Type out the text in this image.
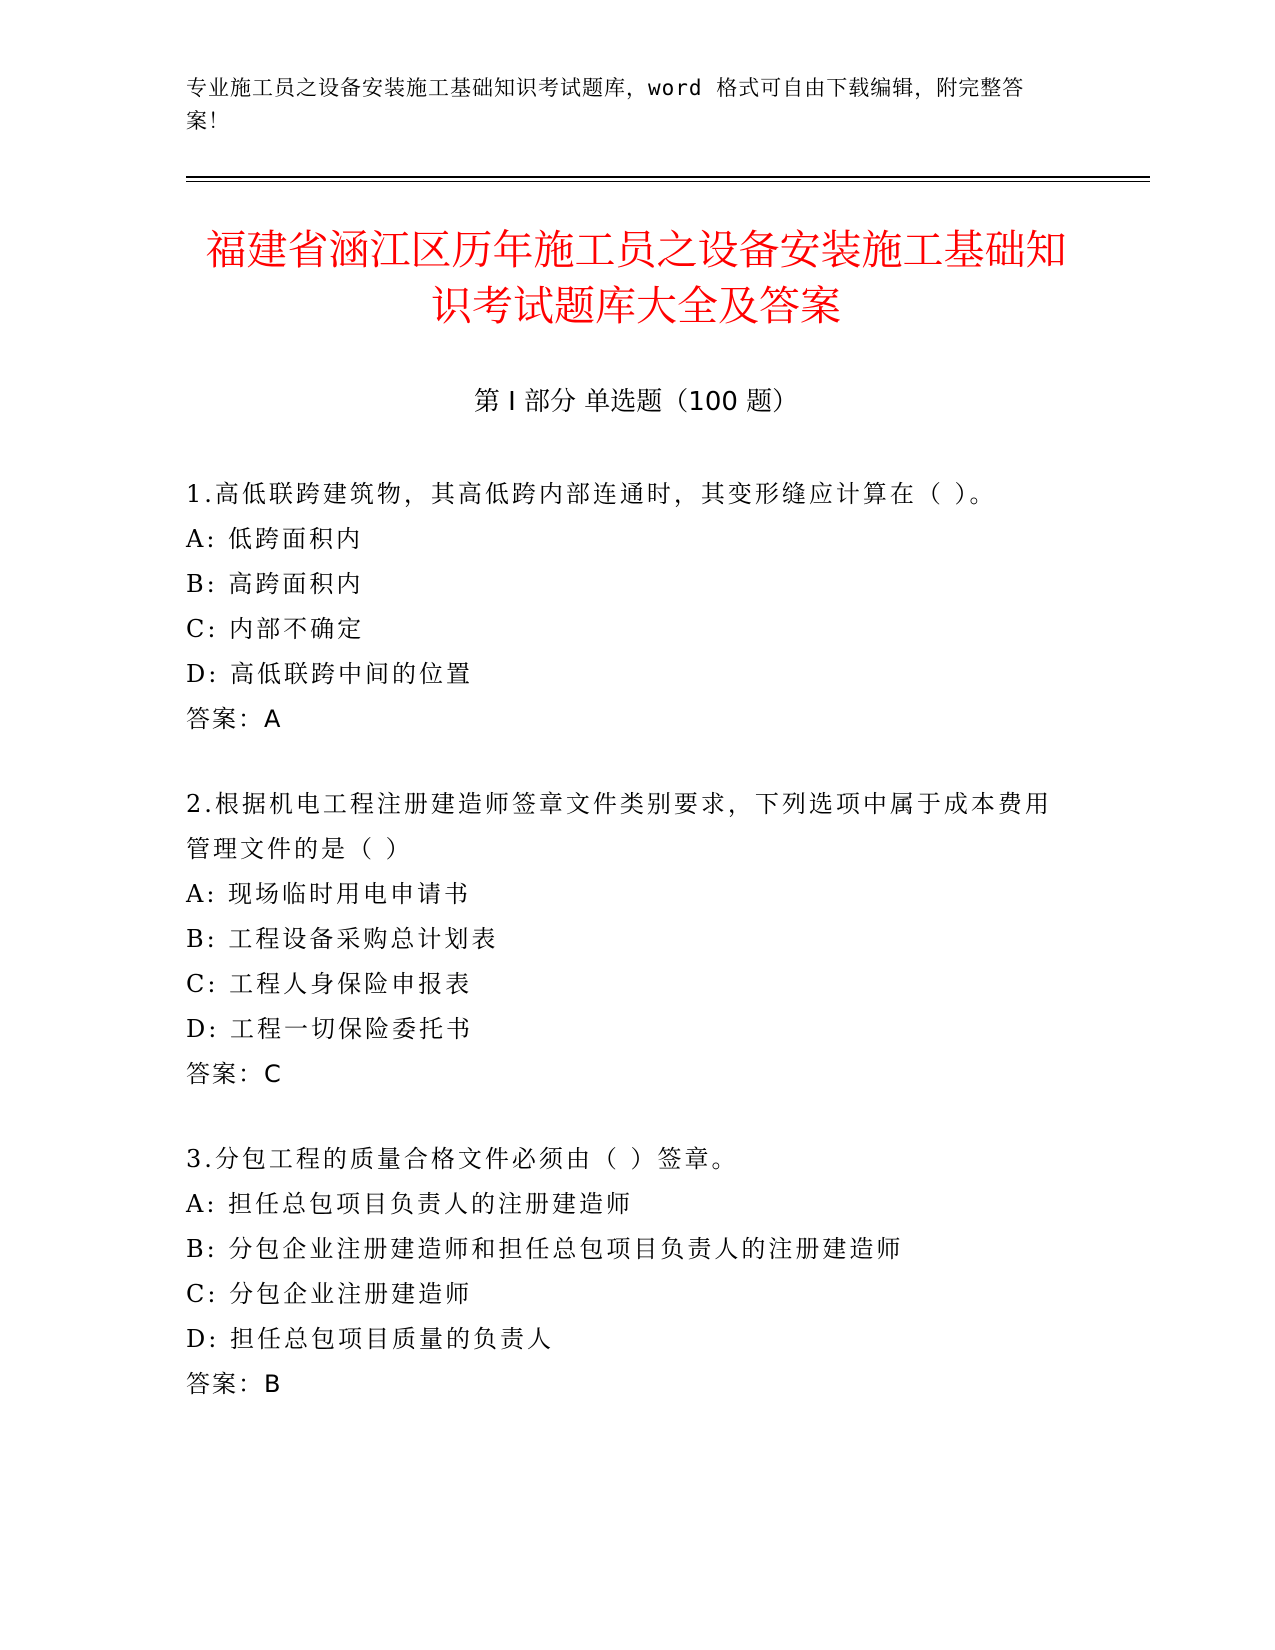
专业施工员之设备安装施工基础知识考试题库，word 格式可自由下载编辑，附完整答案！
福建省涵江区历年施工员之设备安装施工基础知识考试题库大全及答案
第 I 部分 单选题（100 题）
1.高低联跨建筑物，其高低跨内部连通时，其变形缝应计算在（ ）。
A: 低跨面积内
B: 高跨面积内
C: 内部不确定
D: 高低联跨中间的位置
答案：A
2.根据机电工程注册建造师签章文件类别要求，下列选项中属于成本费用管理文件的是（ ）
A: 现场临时用电申请书
B: 工程设备采购总计划表
C: 工程人身保险申报表
D: 工程一切保险委托书
答案：C
3.分包工程的质量合格文件必须由（ ）签章。
A: 担任总包项目负责人的注册建造师
B: 分包企业注册建造师和担任总包项目负责人的注册建造师
C: 分包企业注册建造师
D: 担任总包项目质量的负责人
答案：B
